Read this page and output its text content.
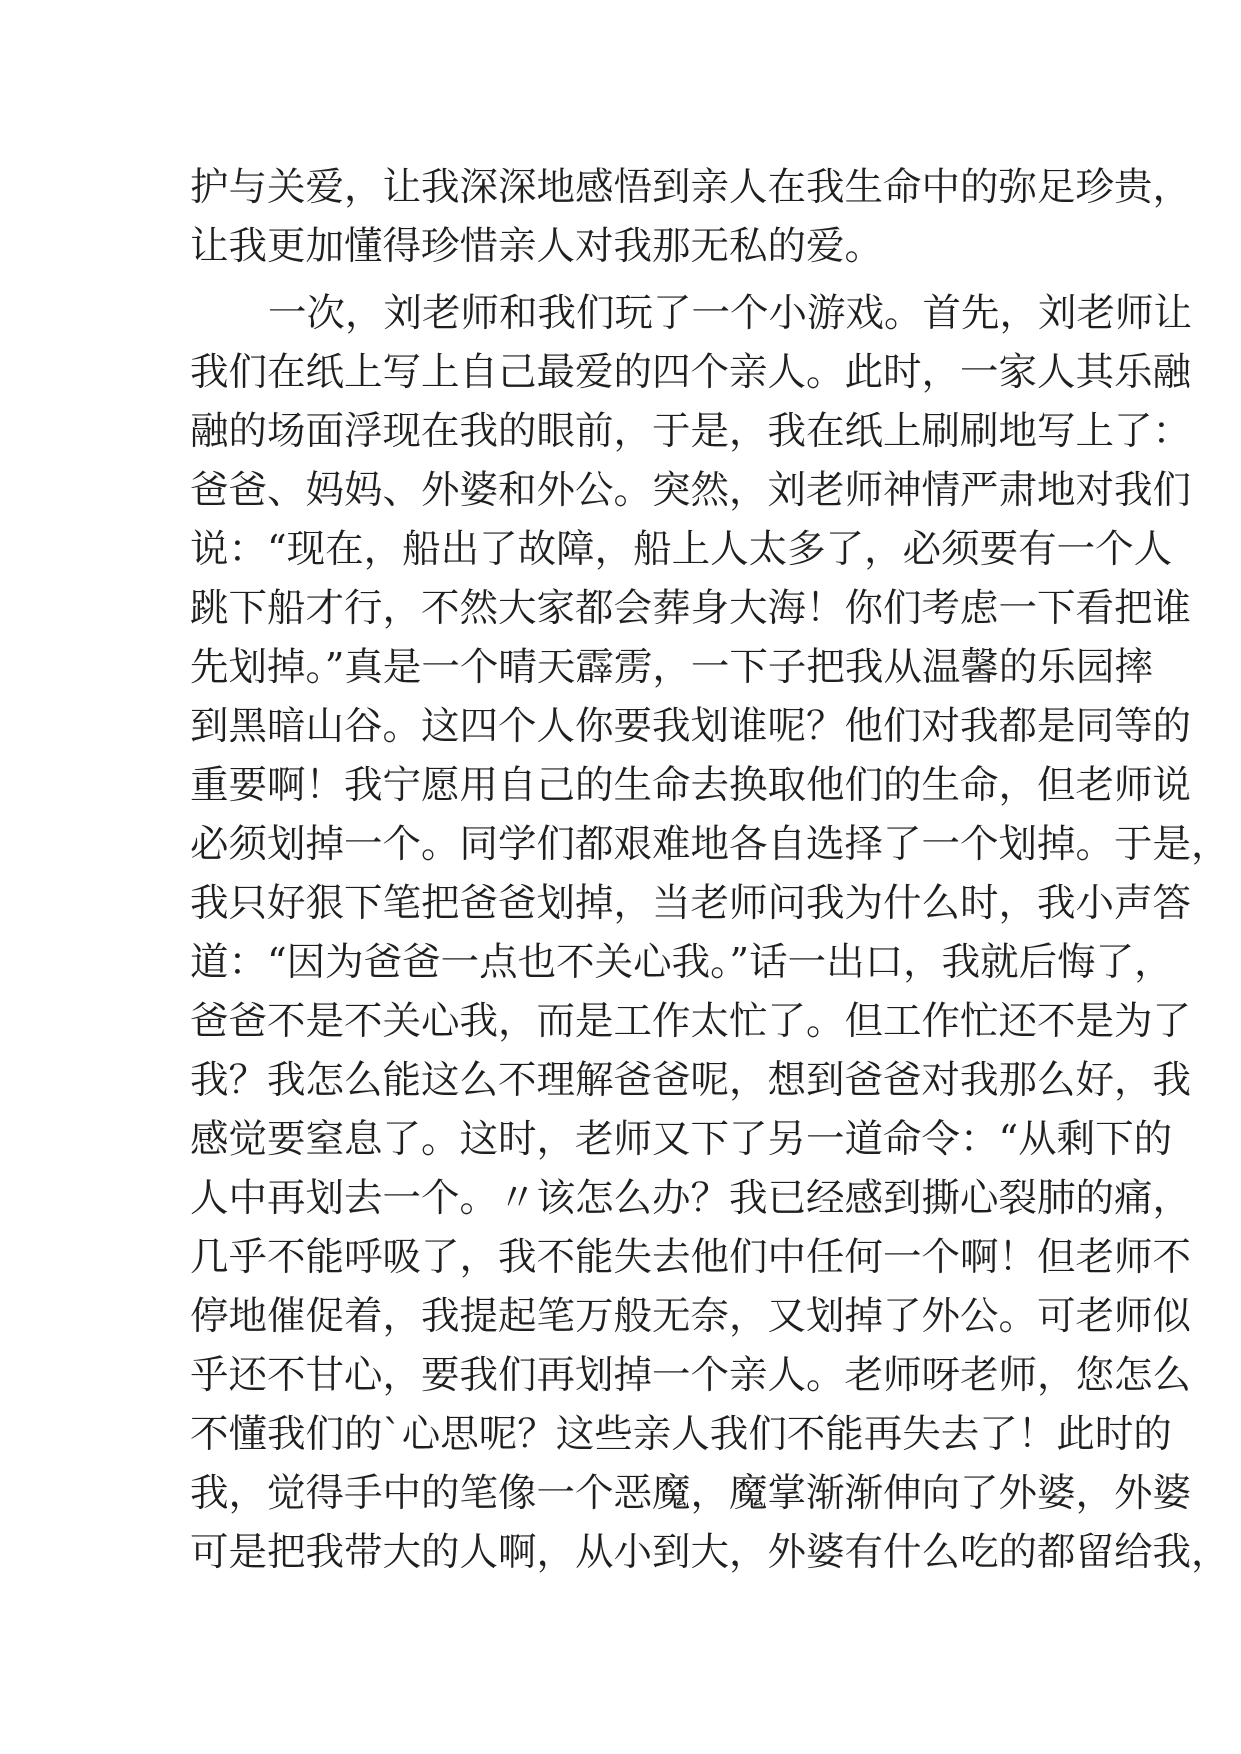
护与关爱，让我深深地感悟到亲人在我生命中的弥足珍贵，
让我更加懂得珍惜亲人对我那无私的爱。
一次，刘老师和我们玩了一个小游戏。首先，刘老师让
我们在纸上写上自己最爱的四个亲人。此时，一家人其乐融
融的场面浮现在我的眼前，于是，我在纸上刷刷地写上了：
爸爸、妈妈、外婆和外公。突然，刘老师神情严肃地对我们
说：“现在，船出了故障，船上人太多了，必须要有一个人
跳下船才行，不然大家都会葬身大海！你们考虑一下看把谁
先划掉。”真是一个晴天霹雳，一下子把我从温馨的乐园摔
到黑暗山谷。这四个人你要我划谁呢？他们对我都是同等的
重要啊！我宁愿用自己的生命去换取他们的生命，但老师说
必须划掉一个。同学们都艰难地各自选择了一个划掉。于是，
我只好狠下笔把爸爸划掉，当老师问我为什么时，我小声答
道：“因为爸爸一点也不关心我。”话一出口，我就后悔了，
爸爸不是不关心我，而是工作太忙了。但工作忙还不是为了
我？我怎么能这么不理解爸爸呢，想到爸爸对我那么好，我
感觉要窒息了。这时，老师又下了另一道命令：“从剩下的
人中再划去一个。〃该怎么办？我已经感到撕心裂肺的痛，
几乎不能呼吸了，我不能失去他们中任何一个啊！但老师不
停地催促着，我提起笔万般无奈，又划掉了外公。可老师似
乎还不甘心，要我们再划掉一个亲人。老师呀老师，您怎么
不懂我们的`心思呢？这些亲人我们不能再失去了！此时的
我，觉得手中的笔像一个恶魔，魔掌渐渐伸向了外婆，外婆
可是把我带大的人啊，从小到大，外婆有什么吃的都留给我，
